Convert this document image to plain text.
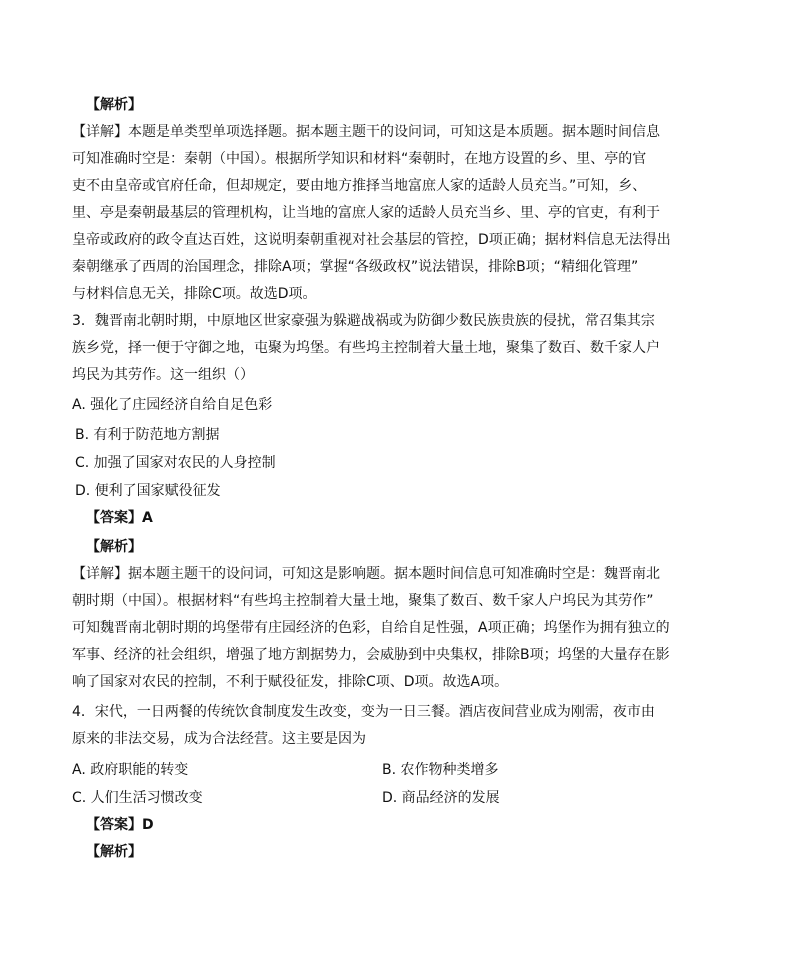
【解析】
【详解】本题是单类型单项选择题。据本题主题干的设问词，可知这是本质题。据本题时间信息
可知准确时空是：秦朝（中国）。根据所学知识和材料“秦朝时，在地方设置的乡、里、亭的官
吏不由皇帝或官府任命，但却规定，要由地方推择当地富庶人家的适龄人员充当。”可知，乡、
里、亭是秦朝最基层的管理机构，让当地的富庶人家的适龄人员充当乡、里、亭的官吏，有利于
皇帝或政府的政令直达百姓，这说明秦朝重视对社会基层的管控，D项正确；据材料信息无法得出
秦朝继承了西周的治国理念，排除A项；掌握“各级政权”说法错误，排除B项；“精细化管理”
与材料信息无关，排除C项。故选D项。
3．魏晋南北朝时期，中原地区世家豪强为躲避战祸或为防御少数民族贵族的侵扰，常召集其宗
族乡党，择一便于守御之地，屯聚为坞堡。有些坞主控制着大量土地，聚集了数百、数千家人户
坞民为其劳作。这一组织（）
A. 强化了庄园经济自给自足色彩
B. 有利于防范地方割据
C. 加强了国家对农民的人身控制
D. 便利了国家赋役征发
【答案】A
【解析】
【详解】据本题主题干的设问词，可知这是影响题。据本题时间信息可知准确时空是：魏晋南北
朝时期（中国）。根据材料“有些坞主控制着大量土地，聚集了数百、数千家人户坞民为其劳作”
可知魏晋南北朝时期的坞堡带有庄园经济的色彩，自给自足性强，A项正确；坞堡作为拥有独立的
军事、经济的社会组织，增强了地方割据势力，会威胁到中央集权，排除B项；坞堡的大量存在影
响了国家对农民的控制，不利于赋役征发，排除C项、D项。故选A项。
4．宋代，一日两餐的传统饮食制度发生改变，变为一日三餐。酒店夜间营业成为刚需，夜市由
原来的非法交易，成为合法经营。这主要是因为
A. 政府职能的转变	B. 农作物种类增多
C. 人们生活习惯改变	D. 商品经济的发展
【答案】D
【解析】
